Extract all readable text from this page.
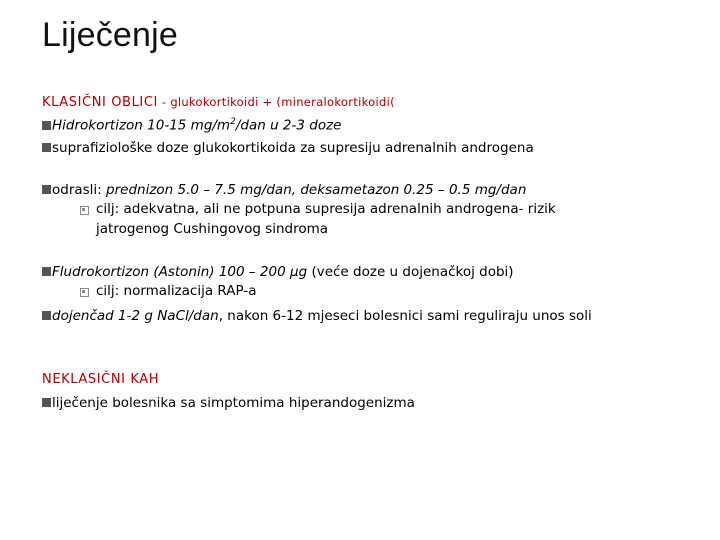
Liječenje
KLASIČNI OBLICI - glukokortikoidi + (mineralokortikoidi(
Hidrokortizon 10-15 $mg/m^2$/dan u 2-3 doze
suprafiziološke doze glukokortikoida za supresiju adrenalnih androgena
odrasli: prednizon 5.0 – 7.5 mg/dan, deksametazon 0.25 – 0.5 mg/dan
cilj: adekvatna, ali ne potpuna supresija adrenalnih androgena- rizik
jatrogenog Cushingovog sindroma
Fludrokortizon (Astonin) 100 – 200 μg (veće doze u dojenačkoj dobi)
cilj: normalizacija RAP-a
dojenčad 1-2 g NaCl/dan, nakon 6-12 mjeseci bolesnici sami reguliraju unos soli
NEKLASIČNI KAH
liječenje bolesnika sa simptomima hiperandogenizma
